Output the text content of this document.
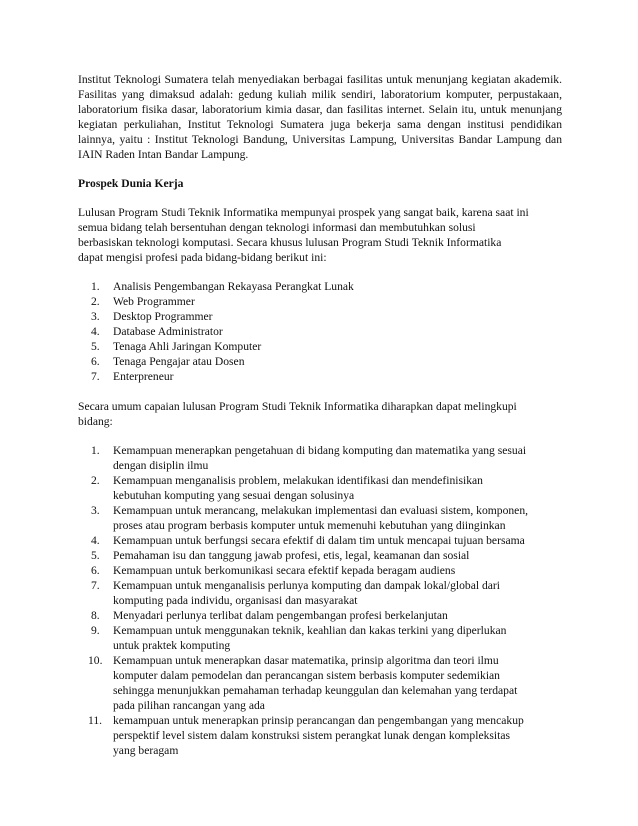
Institut Teknologi Sumatera telah menyediakan berbagai fasilitas untuk menunjang kegiatan akademik. Fasilitas yang dimaksud adalah: gedung kuliah milik sendiri, laboratorium komputer, perpustakaan, laboratorium fisika dasar, laboratorium kimia dasar, dan fasilitas internet. Selain itu, untuk menunjang kegiatan perkuliahan, Institut Teknologi Sumatera juga bekerja sama dengan institusi pendidikan lainnya, yaitu : Institut Teknologi Bandung, Universitas Lampung, Universitas Bandar Lampung dan IAIN Raden Intan Bandar Lampung.

Prospek Dunia Kerja

Lulusan Program Studi Teknik Informatika mempunyai prospek yang sangat baik, karena saat ini
semua bidang telah bersentuhan dengan teknologi informasi dan membutuhkan solusi
berbasiskan teknologi komputasi. Secara khusus lulusan Program Studi Teknik Informatika
dapat mengisi profesi pada bidang-bidang berikut ini:
1. Analisis Pengembangan Rekayasa Perangkat Lunak
2. Web Programmer
3. Desktop Programmer
4. Database Administrator
5. Tenaga Ahli Jaringan Komputer
6. Tenaga Pengajar atau Dosen
7. Enterpreneur
Secara umum capaian lulusan Program Studi Teknik Informatika diharapkan dapat melingkupi
bidang:
1. Kemampuan menerapkan pengetahuan di bidang komputing dan matematika yang sesuai
dengan disiplin ilmu
2. Kemampuan menganalisis problem, melakukan identifikasi dan mendefinisikan
kebutuhan komputing yang sesuai dengan solusinya
3. Kemampuan untuk merancang, melakukan implementasi dan evaluasi sistem, komponen,
proses atau program berbasis komputer untuk memenuhi kebutuhan yang diinginkan
4. Kemampuan untuk berfungsi secara efektif di dalam tim untuk mencapai tujuan bersama
5. Pemahaman isu dan tanggung jawab profesi, etis, legal, keamanan dan sosial
6. Kemampuan untuk berkomunikasi secara efektif kepada beragam audiens
7. Kemampuan untuk menganalisis perlunya komputing dan dampak lokal/global dari
komputing pada individu, organisasi dan masyarakat
8. Menyadari perlunya terlibat dalam pengembangan profesi berkelanjutan
9. Kemampuan untuk menggunakan teknik, keahlian dan kakas terkini yang diperlukan
untuk praktek komputing
10. Kemampuan untuk menerapkan dasar matematika, prinsip algoritma dan teori ilmu
komputer dalam pemodelan dan perancangan sistem berbasis komputer sedemikian
sehingga menunjukkan pemahaman terhadap keunggulan dan kelemahan yang terdapat
pada pilihan rancangan yang ada
11. kemampuan untuk menerapkan prinsip perancangan dan pengembangan yang mencakup
perspektif level sistem dalam konstruksi sistem perangkat lunak dengan kompleksitas
yang beragam
